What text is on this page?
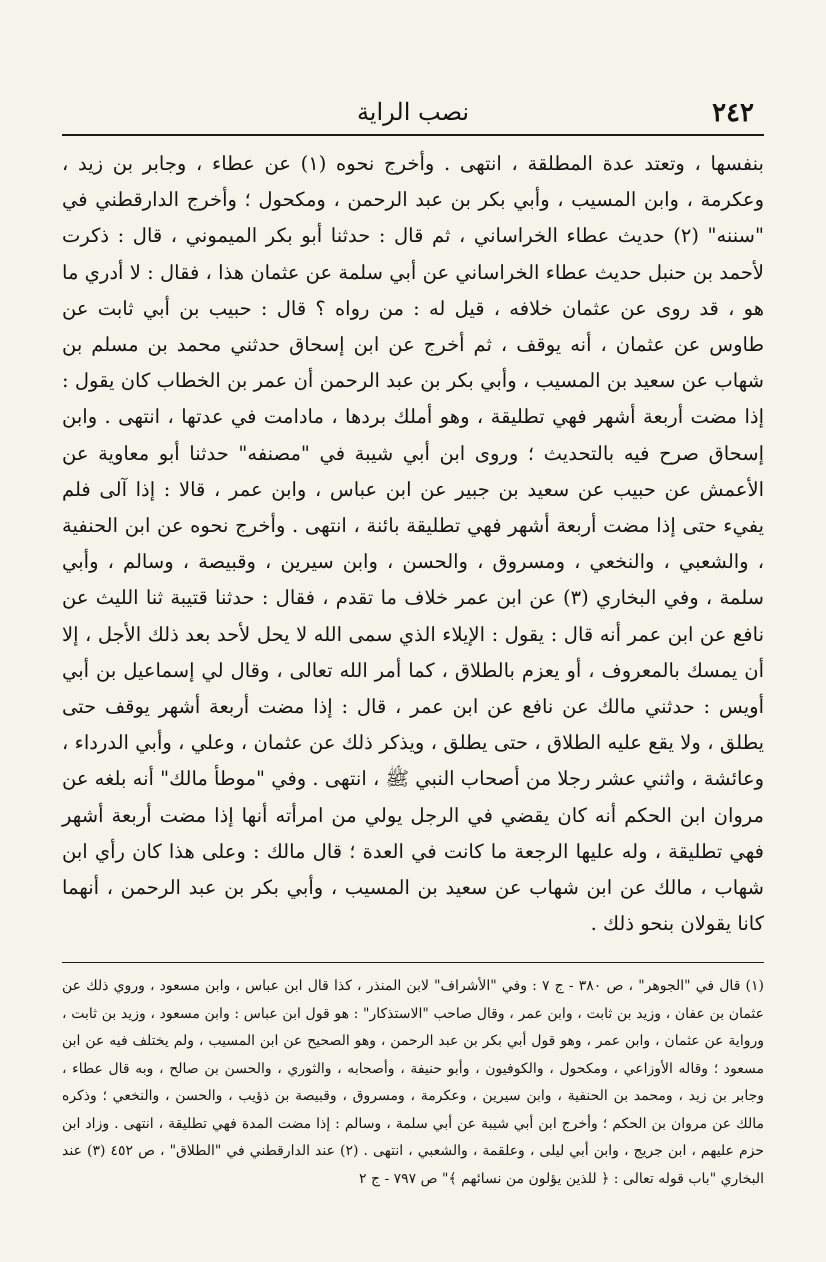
٢٤٢
نصب الراية

بنفسها ، وتعتد عدة المطلقة ، انتهى . وأخرج نحوه (١) عن عطاء ، وجابر بن زيد ، وعكرمة ، وابن المسيب ، وأبي بكر بن عبد الرحمن ، ومكحول ؛ وأخرج الدارقطني في "سننه" (٢) حديث عطاء الخراساني ، ثم قال : حدثنا أبو بكر الميموني ، قال : ذكرت لأحمد بن حنبل حديث عطاء الخراساني عن أبي سلمة عن عثمان هذا ، فقال : لا أدري ما هو ، قد روى عن عثمان خلافه ، قيل له : من رواه ؟ قال : حبيب بن أبي ثابت عن طاوس عن عثمان ، أنه يوقف ، ثم أخرج عن ابن إسحاق حدثني محمد بن مسلم بن شهاب عن سعيد بن المسيب ، وأبي بكر بن عبد الرحمن أن عمر بن الخطاب كان يقول : إذا مضت أربعة أشهر فهي تطليقة ، وهو أملك بردها ، مادامت في عدتها ، انتهى . وابن إسحاق صرح فيه بالتحديث ؛ وروى ابن أبي شيبة في "مصنفه" حدثنا أبو معاوية عن الأعمش عن حبيب عن سعيد بن جبير عن ابن عباس ، وابن عمر ، قالا : إذا آلى فلم يفيء حتى إذا مضت أربعة أشهر فهي تطليقة بائنة ، انتهى . وأخرج نحوه عن ابن الحنفية ، والشعبي ، والنخعي ، ومسروق ، والحسن ، وابن سيرين ، وقبيصة ، وسالم ، وأبي سلمة ، وفي البخاري (٣) عن ابن عمر خلاف ما تقدم ، فقال : حدثنا قتيبة ثنا الليث عن نافع عن ابن عمر أنه قال : يقول : الإيلاء الذي سمى الله لا يحل لأحد بعد ذلك الأجل ، إلا أن يمسك بالمعروف ، أو يعزم بالطلاق ، كما أمر الله تعالى ، وقال لي إسماعيل بن أبي أويس : حدثني مالك عن نافع عن ابن عمر ، قال : إذا مضت أربعة أشهر يوقف حتى يطلق ، ولا يقع عليه الطلاق ، حتى يطلق ، ويذكر ذلك عن عثمان ، وعلي ، وأبي الدرداء ، وعائشة ، واثني عشر رجلا من أصحاب النبي ﷺ ، انتهى . وفي "موطأ مالك" أنه بلغه عن مروان ابن الحكم أنه كان يقضي في الرجل يولي من امرأته أنها إذا مضت أربعة أشهر فهي تطليقة ، وله عليها الرجعة ما كانت في العدة ؛ قال مالك : وعلى هذا كان رأي ابن شهاب ، مالك عن ابن شهاب عن سعيد بن المسيب ، وأبي بكر بن عبد الرحمن ، أنهما كانا يقولان بنحو ذلك .

(١) قال في "الجوهر" ، ص ٣٨٠ - ج ٧ : وفي "الأشراف" لابن المنذر ، كذا قال ابن عباس ، وابن مسعود ، وروي ذلك عن عثمان بن عفان ، وزيد بن ثابت ، وابن عمر ، وقال صاحب "الاستذكار" : هو قول ابن عباس : وابن مسعود ، وزيد بن ثابت ، ورواية عن عثمان ، وابن عمر ، وهو قول أبي بكر بن عبد الرحمن ، وهو الصحيح عن ابن المسيب ، ولم يختلف فيه عن ابن مسعود ؛ وقاله الأوزاعي ، ومكحول ، والكوفيون ، وأبو حنيفة ، وأصحابه ، والثوري ، والحسن بن صالح ، وبه قال عطاء ، وجابر بن زيد ، ومحمد بن الحنفية ، وابن سيرين ، وعكرمة ، ومسروق ، وقبيصة بن ذؤيب ، والحسن ، والنخعي ؛ وذكره مالك عن مروان بن الحكم ؛ وأخرج ابن أبي شيبة عن أبي سلمة ، وسالم : إذا مضت المدة فهي تطليقة ، انتهى . وزاد ابن حزم عليهم ، ابن جريج ، وابن أبي ليلى ، وعلقمة ، والشعبي ، انتهى . (٢) عند الدارقطني في "الطلاق" ، ص ٤٥٢ (٣) عند البخاري "باب قوله تعالى : ﴿ للذين يؤلون من نسائهم ﴾" ص ٧٩٧ - ج ٢
